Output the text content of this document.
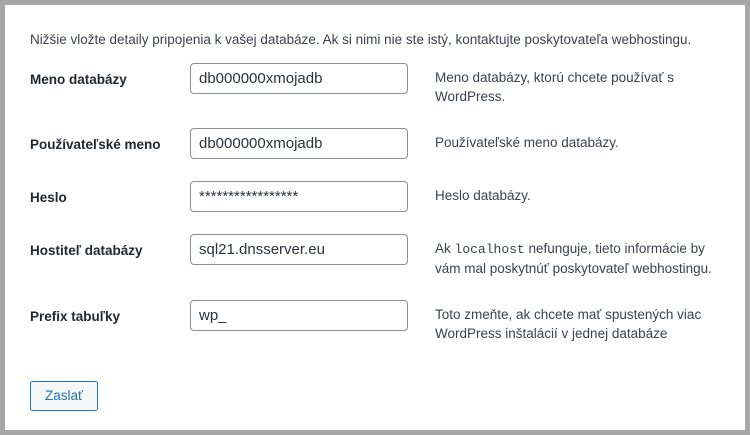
Nižšie vložte detaily pripojenia k vašej databáze. Ak si nimi nie ste istý, kontaktujte poskytovateľa webhostingu.

Meno databázy	db000000xmojadb	Meno databázy, ktorú chcete používať s WordPress.
Používateľské meno	db000000xmojadb	Používateľské meno databázy.
Heslo	*****************	Heslo databázy.
Hostiteľ databázy	sql21.dnsserver.eu	Ak localhost nefunguje, tieto informácie by vám mal poskytnúť poskytovateľ webhostingu.
Prefix tabuľky	wp_	Toto zmeňte, ak chcete mať spustených viac WordPress inštalácií v jednej databáze
Zaslať
